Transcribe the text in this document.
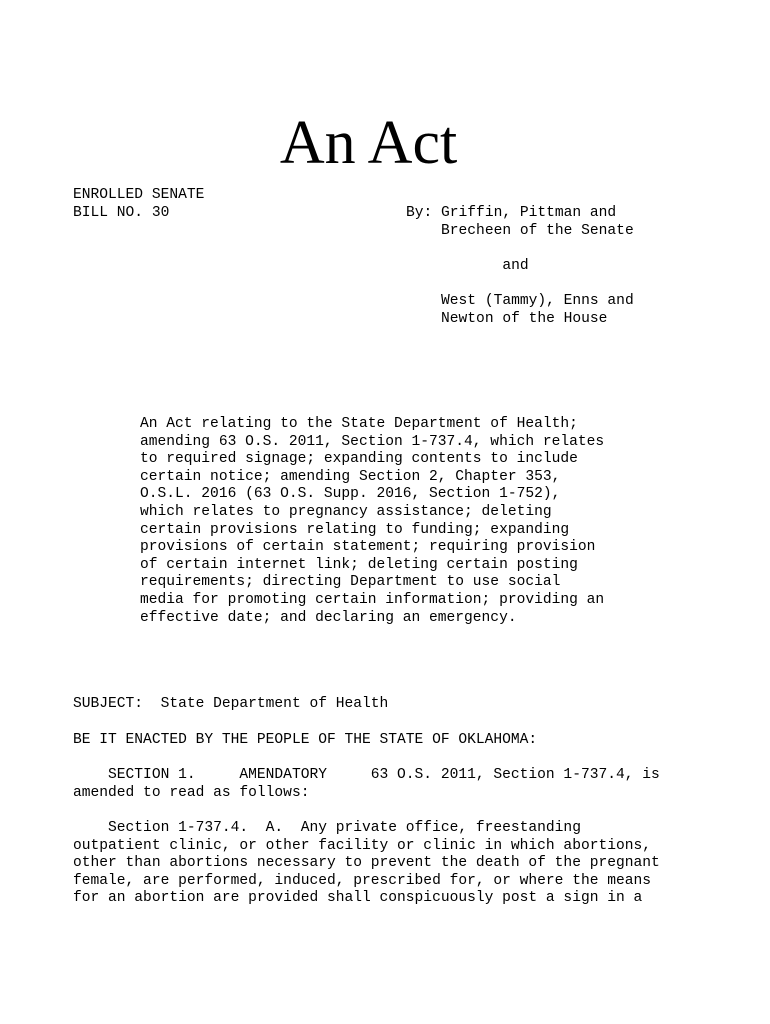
An Act
ENROLLED SENATE
BILL NO. 30	By: Griffin, Pittman and
Brecheen of the Senate

and

West (Tammy), Enns and
Newton of the House
An Act relating to the State Department of Health;
amending 63 O.S. 2011, Section 1-737.4, which relates
to required signage; expanding contents to include
certain notice; amending Section 2, Chapter 353,
O.S.L. 2016 (63 O.S. Supp. 2016, Section 1-752),
which relates to pregnancy assistance; deleting
certain provisions relating to funding; expanding
provisions of certain statement; requiring provision
of certain internet link; deleting certain posting
requirements; directing Department to use social
media for promoting certain information; providing an
effective date; and declaring an emergency.
SUBJECT:  State Department of Health
BE IT ENACTED BY THE PEOPLE OF THE STATE OF OKLAHOMA:
SECTION 1.     AMENDATORY     63 O.S. 2011, Section 1-737.4, is
amended to read as follows:
Section 1-737.4.  A.  Any private office, freestanding
outpatient clinic, or other facility or clinic in which abortions,
other than abortions necessary to prevent the death of the pregnant
female, are performed, induced, prescribed for, or where the means
for an abortion are provided shall conspicuously post a sign in a
